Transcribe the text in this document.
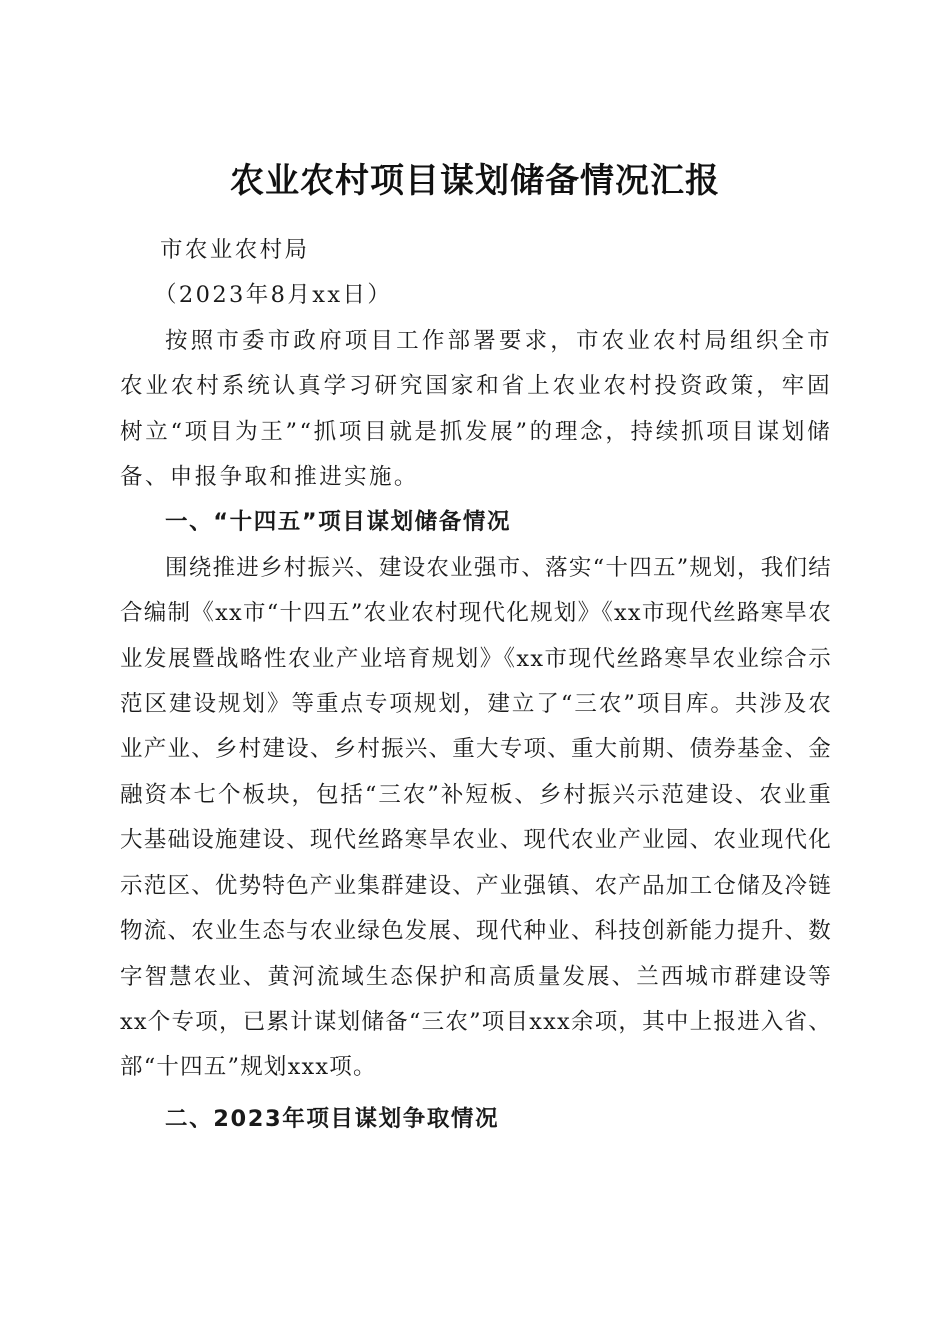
农业农村项目谋划储备情况汇报

市农业农村局

（2023年8月xx日）

按照市委市政府项目工作部署要求，市农业农村局组织全市农业农村系统认真学习研究国家和省上农业农村投资政策，牢固树立“项目为王”“抓项目就是抓发展”的理念，持续抓项目谋划储备、申报争取和推进实施。

一、“十四五”项目谋划储备情况

围绕推进乡村振兴、建设农业强市、落实“十四五”规划，我们结合编制《xx市“十四五”农业农村现代化规划》《xx市现代丝路寒旱农业发展暨战略性农业产业培育规划》《xx市现代丝路寒旱农业综合示范区建设规划》等重点专项规划，建立了“三农”项目库。共涉及农业产业、乡村建设、乡村振兴、重大专项、重大前期、债券基金、金融资本七个板块，包括“三农”补短板、乡村振兴示范建设、农业重大基础设施建设、现代丝路寒旱农业、现代农业产业园、农业现代化示范区、优势特色产业集群建设、产业强镇、农产品加工仓储及冷链物流、农业生态与农业绿色发展、现代种业、科技创新能力提升、数字智慧农业、黄河流域生态保护和高质量发展、兰西城市群建设等xx个专项，已累计谋划储备“三农”项目xxx余项，其中上报进入省、部“十四五”规划xxx项。

二、2023年项目谋划争取情况
